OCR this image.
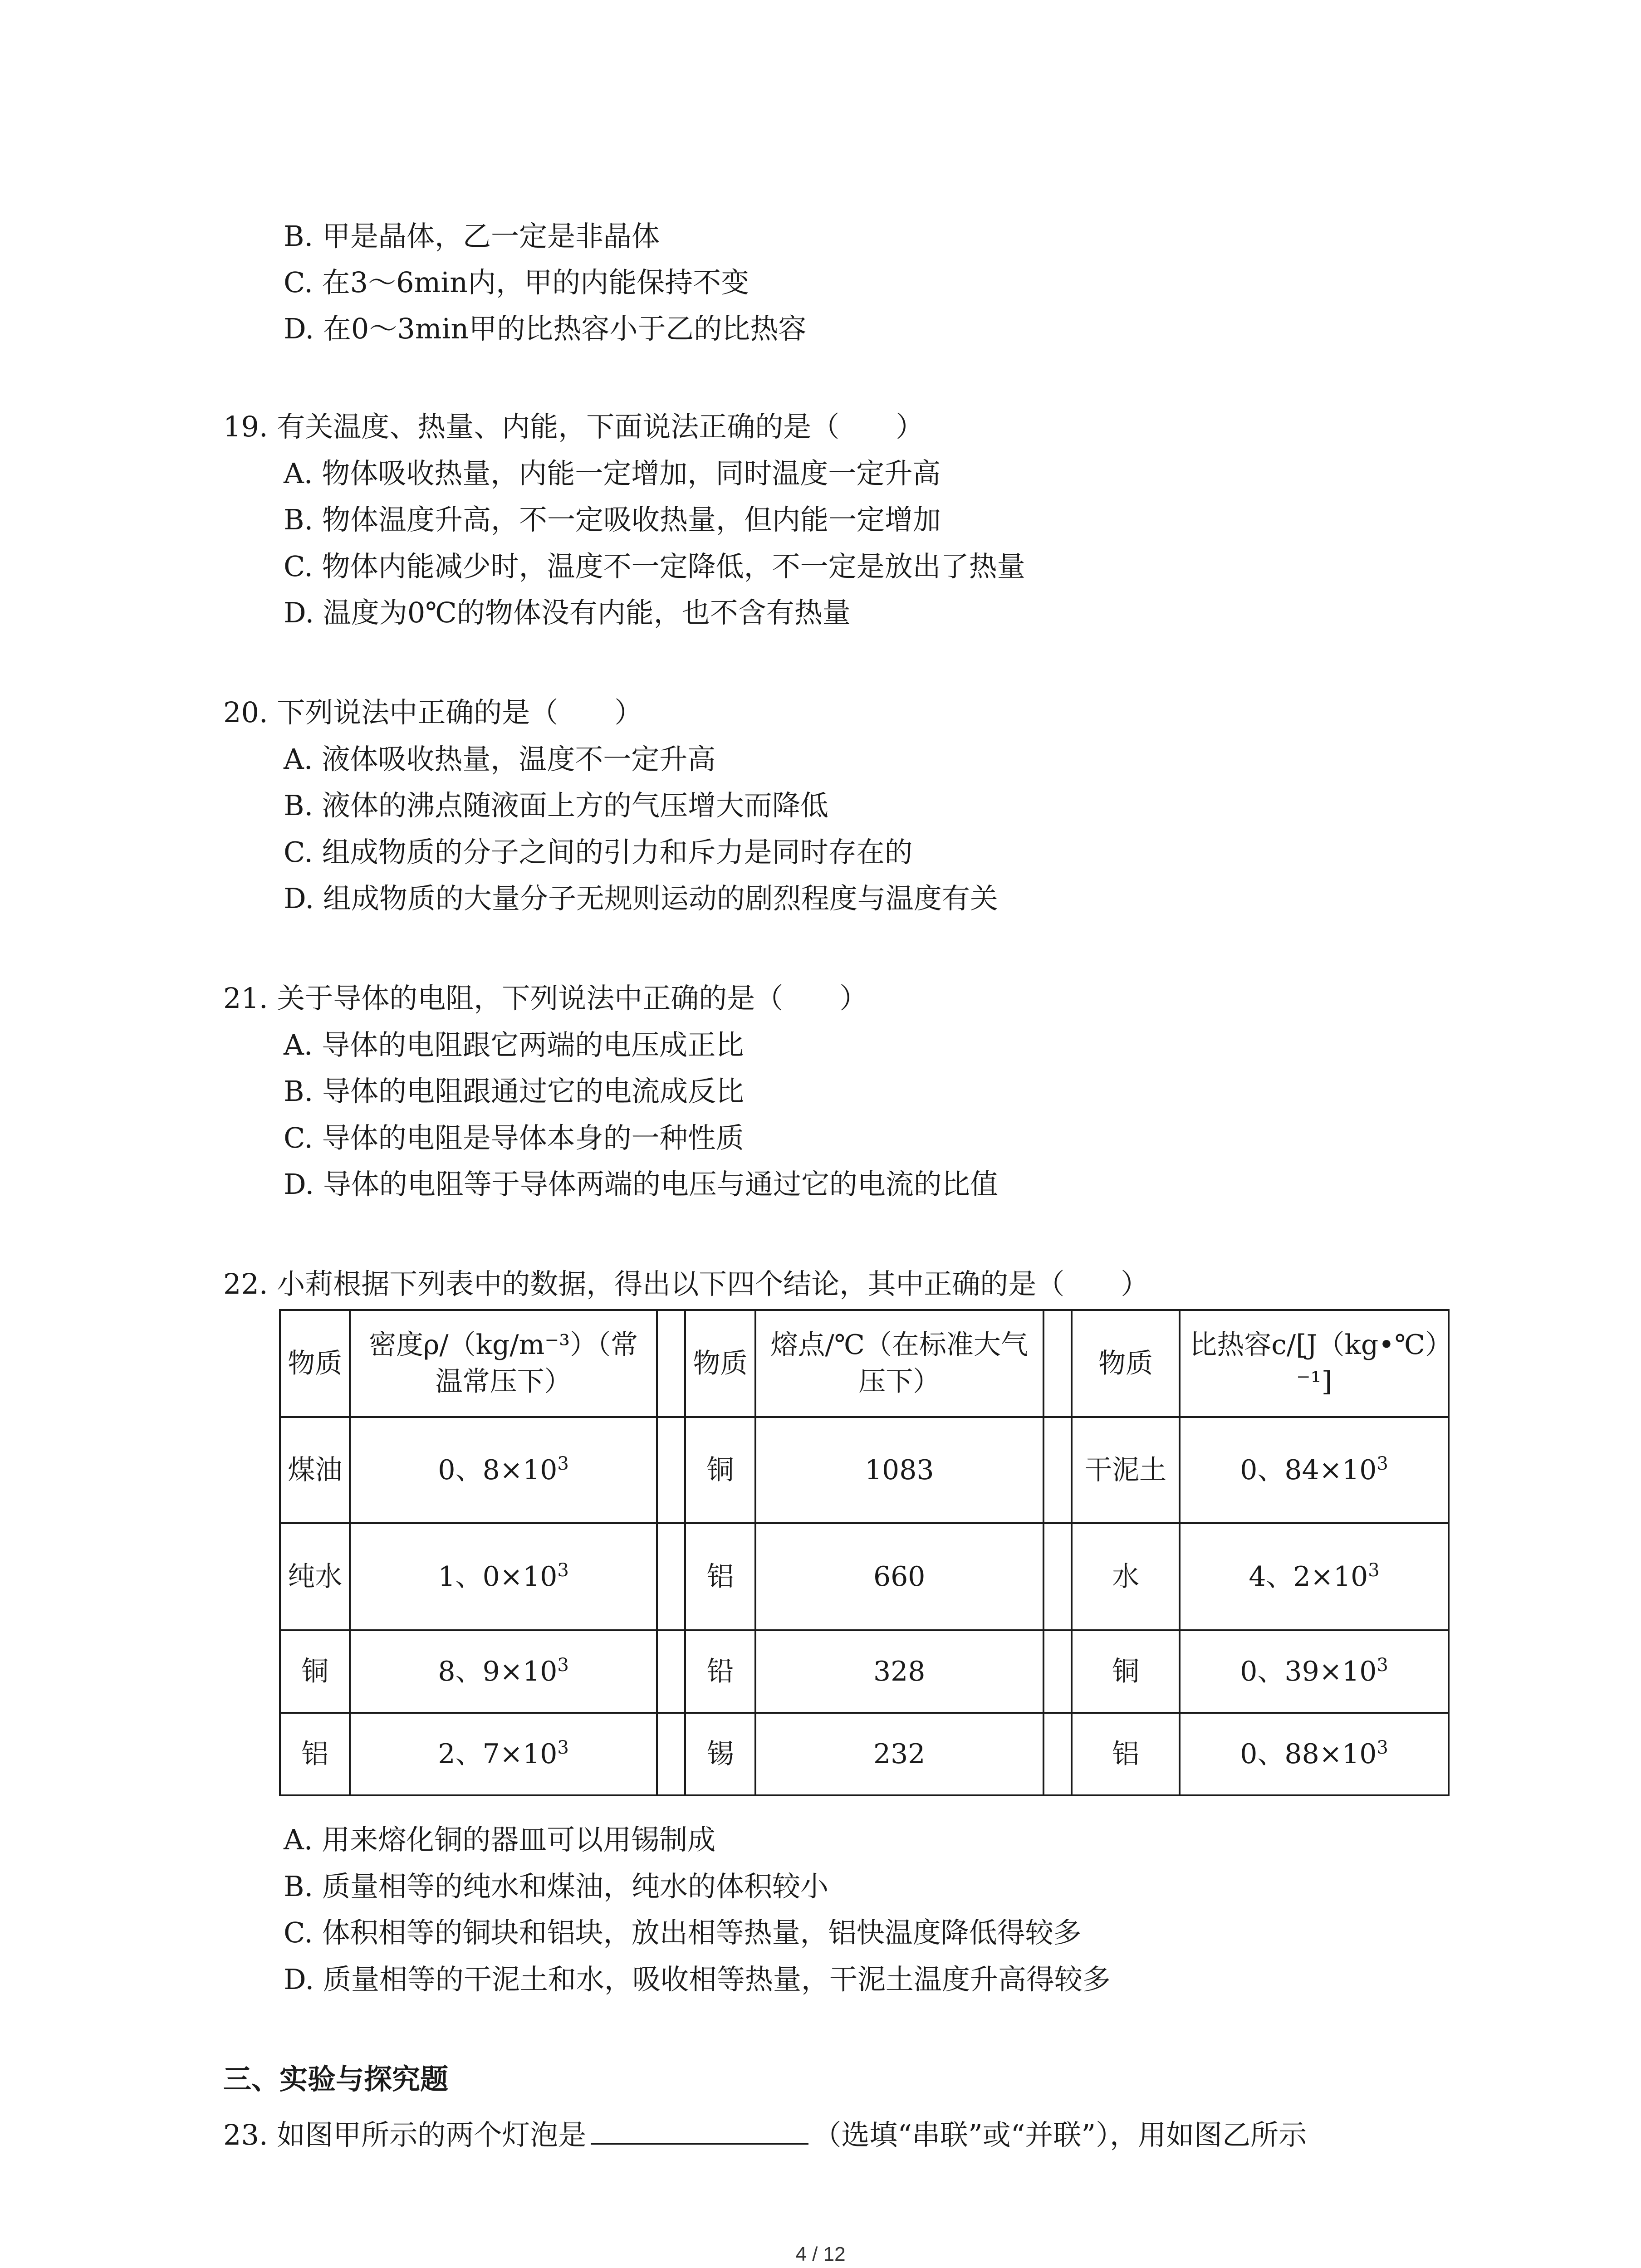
B. 甲是晶体，乙一定是非晶体
C. 在3～6min内，甲的内能保持不变
D. 在0～3min甲的比热容小于乙的比热容
19. 有关温度、热量、内能，下面说法正确的是（　　）
A. 物体吸收热量，内能一定增加，同时温度一定升高
B. 物体温度升高，不一定吸收热量，但内能一定增加
C. 物体内能减少时，温度不一定降低，不一定是放出了热量
D. 温度为0℃的物体没有内能，也不含有热量
20. 下列说法中正确的是（　　）
A. 液体吸收热量，温度不一定升高
B. 液体的沸点随液面上方的气压增大而降低
C. 组成物质的分子之间的引力和斥力是同时存在的
D. 组成物质的大量分子无规则运动的剧烈程度与温度有关
21. 关于导体的电阻，下列说法中正确的是（　　）
A. 导体的电阻跟它两端的电压成正比
B. 导体的电阻跟通过它的电流成反比
C. 导体的电阻是导体本身的一种性质
D. 导体的电阻等于导体两端的电压与通过它的电流的比值
22. 小莉根据下列表中的数据，得出以下四个结论，其中正确的是（　　）
物质	密度ρ/（kg/m⁻³）（常温常压下）		物质	熔点/℃（在标准大气压下）		物质	比热容c/[J（kg•℃）⁻¹]
煤油	0、$8\times 10^3$		铜	1083		干泥土	0、$84\times 10^3$
纯水	1、$0\times 10^3$		铝	660		水	4、$2\times 10^3$
铜	8、$9\times 10^3$		铅	328		铜	0、$39\times 10^3$
铝	2、$7\times 10^3$		锡	232		铝	0、$88\times 10^3$
A. 用来熔化铜的器皿可以用锡制成
B. 质量相等的纯水和煤油，纯水的体积较小
C. 体积相等的铜块和铝块，放出相等热量，铝快温度降低得较多
D. 质量相等的干泥土和水，吸收相等热量，干泥土温度升高得较多
三、实验与探究题
23. 如图甲所示的两个灯泡是	（选填“串联”或“并联”），用如图乙所示
4 / 12
